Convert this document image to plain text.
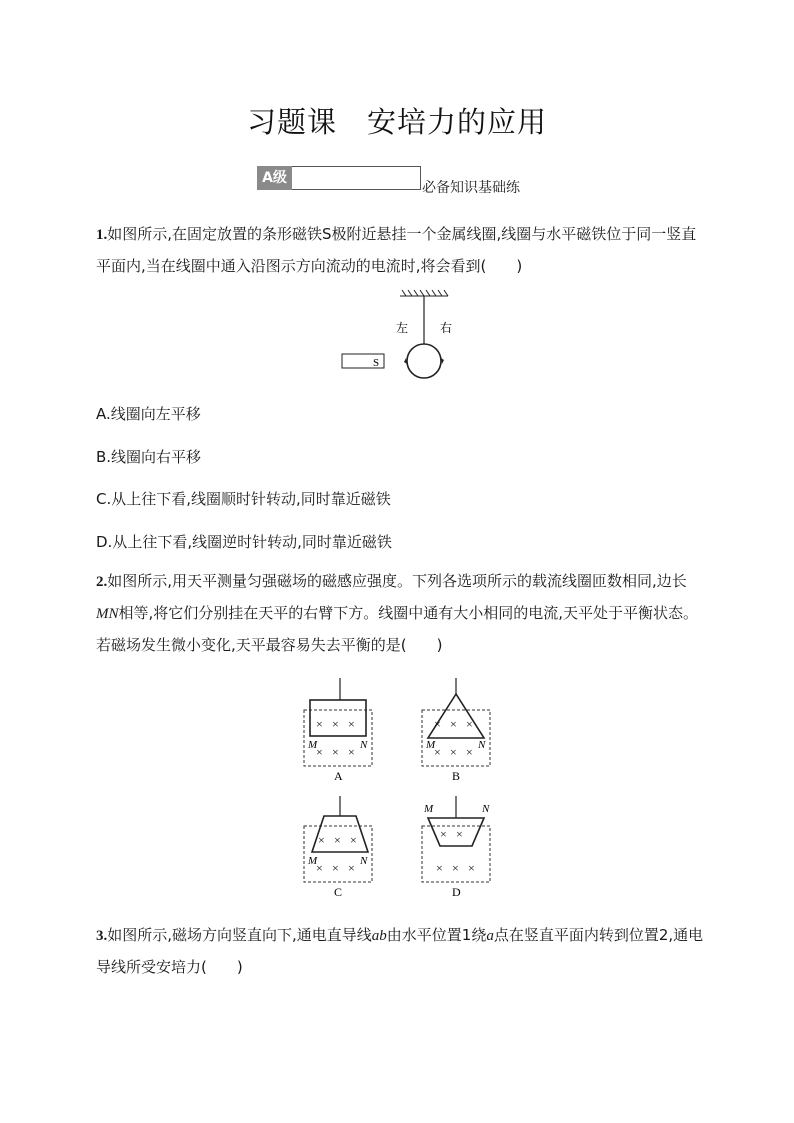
习题课　安培力的应用
A级
必备知识基础练
1.如图所示,在固定放置的条形磁铁S极附近悬挂一个金属线圈,线圈与水平磁铁位于同一竖直平面内,当在线圈中通入沿图示方向流动的电流时,将会看到(　　)
左	右
S
A.线圈向左平移
B.线圈向右平移
C.从上往下看,线圈顺时针转动,同时靠近磁铁
D.从上往下看,线圈逆时针转动,同时靠近磁铁
2.如图所示,用天平测量匀强磁场的磁感应强度。下列各选项所示的载流线圈匝数相同,边长MN相等,将它们分别挂在天平的右臂下方。线圈中通有大小相同的电流,天平处于平衡状态。若磁场发生微小变化,天平最容易失去平衡的是(　　)
× × ×
× × ×
M	N
A
× × ×
× × ×
M	N
B
× × ×
× × ×
M	N
C
× ×
× × ×
M	N
D
3.如图所示,磁场方向竖直向下,通电直导线ab由水平位置1绕a点在竖直平面内转到位置2,通电导线所受安培力(　　)
